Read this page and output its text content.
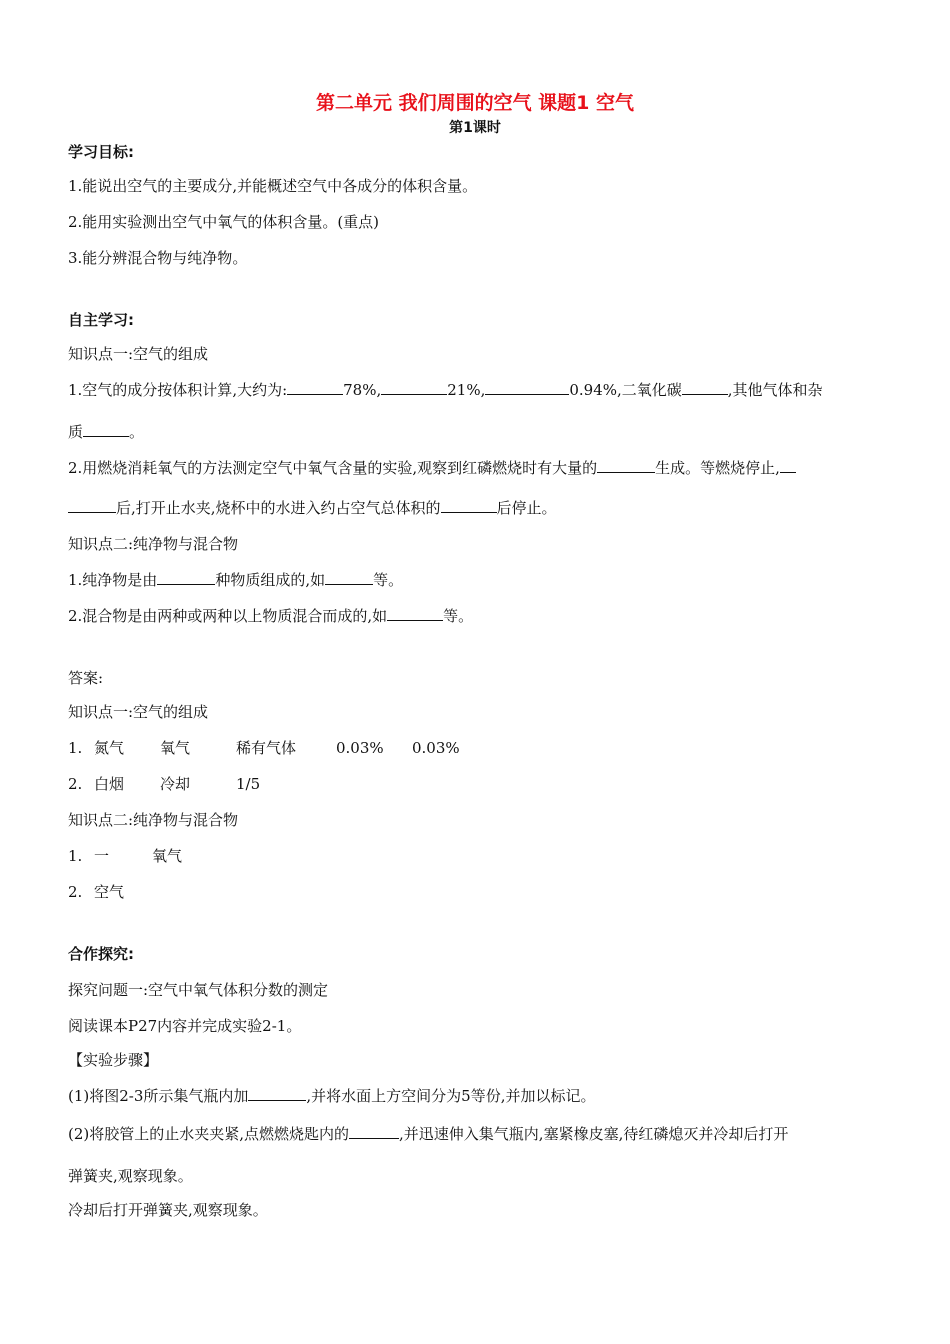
第二单元 我们周围的空气 课题1 空气
第1课时
学习目标:
1.能说出空气的主要成分,并能概述空气中各成分的体积含量。
2.能用实验测出空气中氧气的体积含量。(重点)
3.能分辨混合物与纯净物。
自主学习:
知识点一:空气的组成
1.空气的成分按体积计算,大约为:	78%,	21%,	0.94%,二氧化碳	,其他气体和杂
质	。
2.用燃烧消耗氧气的方法测定空气中氧气含量的实验,观察到红磷燃烧时有大量的	生成。等燃烧停止,
后,打开止水夹,烧杯中的水进入约占空气总体积的	后停止。
知识点二:纯净物与混合物
1.纯净物是由	种物质组成的,如	等。
2.混合物是由两种或两种以上物质混合而成的,如	等。
答案:
知识点一:空气的组成
1. 氮气 氧气	稀有气体	0.03% 0.03%
2. 白烟 冷却	1/5
知识点二:纯净物与混合物
1. 一	氧气
2. 空气
合作探究:
探究问题一:空气中氧气体积分数的测定
阅读课本P27内容并完成实验2-1。
【实验步骤】
(1)将图2-3所示集气瓶内加	,并将水面上方空间分为5等份,并加以标记。
(2)将胶管上的止水夹夹紧,点燃燃烧匙内的	,并迅速伸入集气瓶内,塞紧橡皮塞,待红磷熄灭并冷却后打开
弹簧夹,观察现象。
冷却后打开弹簧夹,观察现象。
